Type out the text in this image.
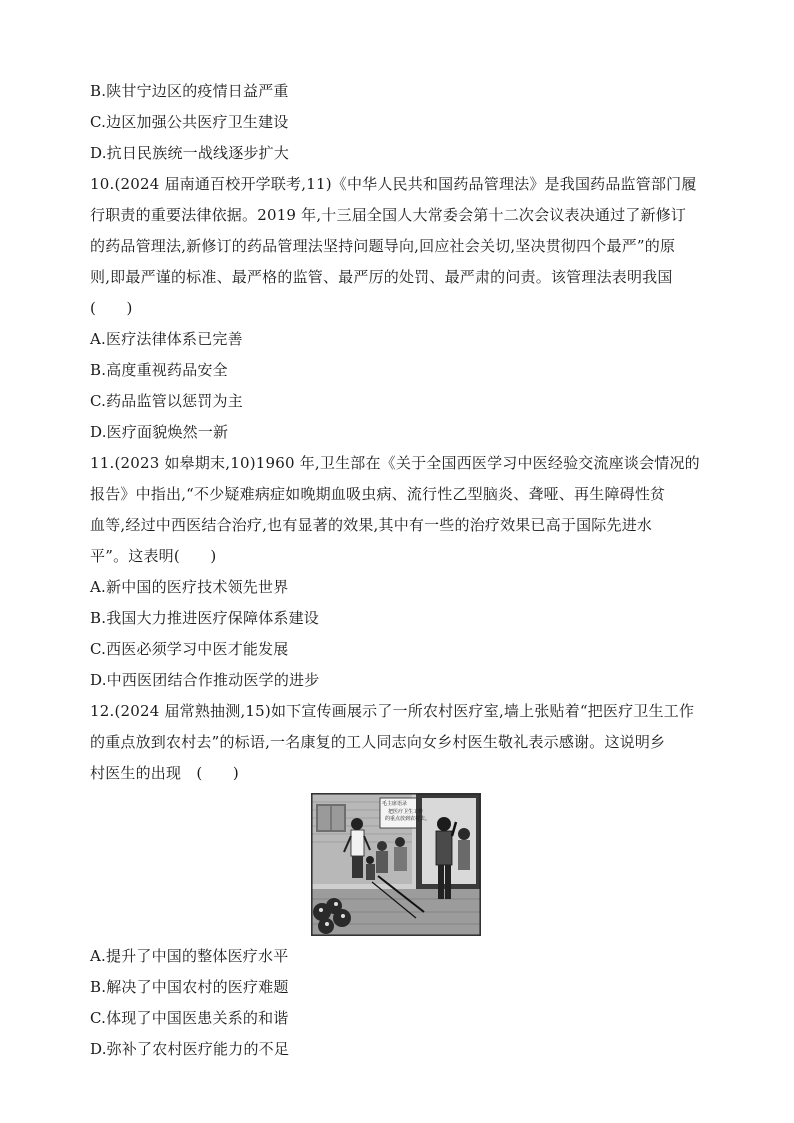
B.陕甘宁边区的疫情日益严重
C.边区加强公共医疗卫生建设
D.抗日民族统一战线逐步扩大
10.(2024 届南通百校开学联考,11)《中华人民共和国药品管理法》是我国药品监管部门履
行职责的重要法律依据。2019 年,十三届全国人大常委会第十二次会议表决通过了新修订
的药品管理法,新修订的药品管理法坚持问题导向,回应社会关切,坚决贯彻四个最严”的原
则,即最严谨的标准、最严格的监管、最严厉的处罚、最严肃的问责。该管理法表明我国
(　　)
A.医疗法律体系已完善
B.高度重视药品安全
C.药品监管以惩罚为主
D.医疗面貌焕然一新
11.(2023 如皋期末,10)1960 年,卫生部在《关于全国西医学习中医经验交流座谈会情况的
报告》中指出,“不少疑难病症如晚期血吸虫病、流行性乙型脑炎、聋哑、再生障碍性贫
血等,经过中西医结合治疗,也有显著的效果,其中有一些的治疗效果已高于国际先进水
平”。这表明(　　)
A.新中国的医疗技术领先世界
B.我国大力推进医疗保障体系建设
C.西医必须学习中医才能发展
D.中西医团结合作推动医学的进步
12.(2024 届常熟抽测,15)如下宣传画展示了一所农村医疗室,墙上张贴着“把医疗卫生工作
的重点放到农村去”的标语,一名康复的工人同志向女乡村医生敬礼表示感谢。这说明乡
村医生的出现　(　　)
毛主席语录
把医疗卫生工作
的重点放到农村去。
A.提升了中国的整体医疗水平
B.解决了中国农村的医疗难题
C.体现了中国医患关系的和谐
D.弥补了农村医疗能力的不足
